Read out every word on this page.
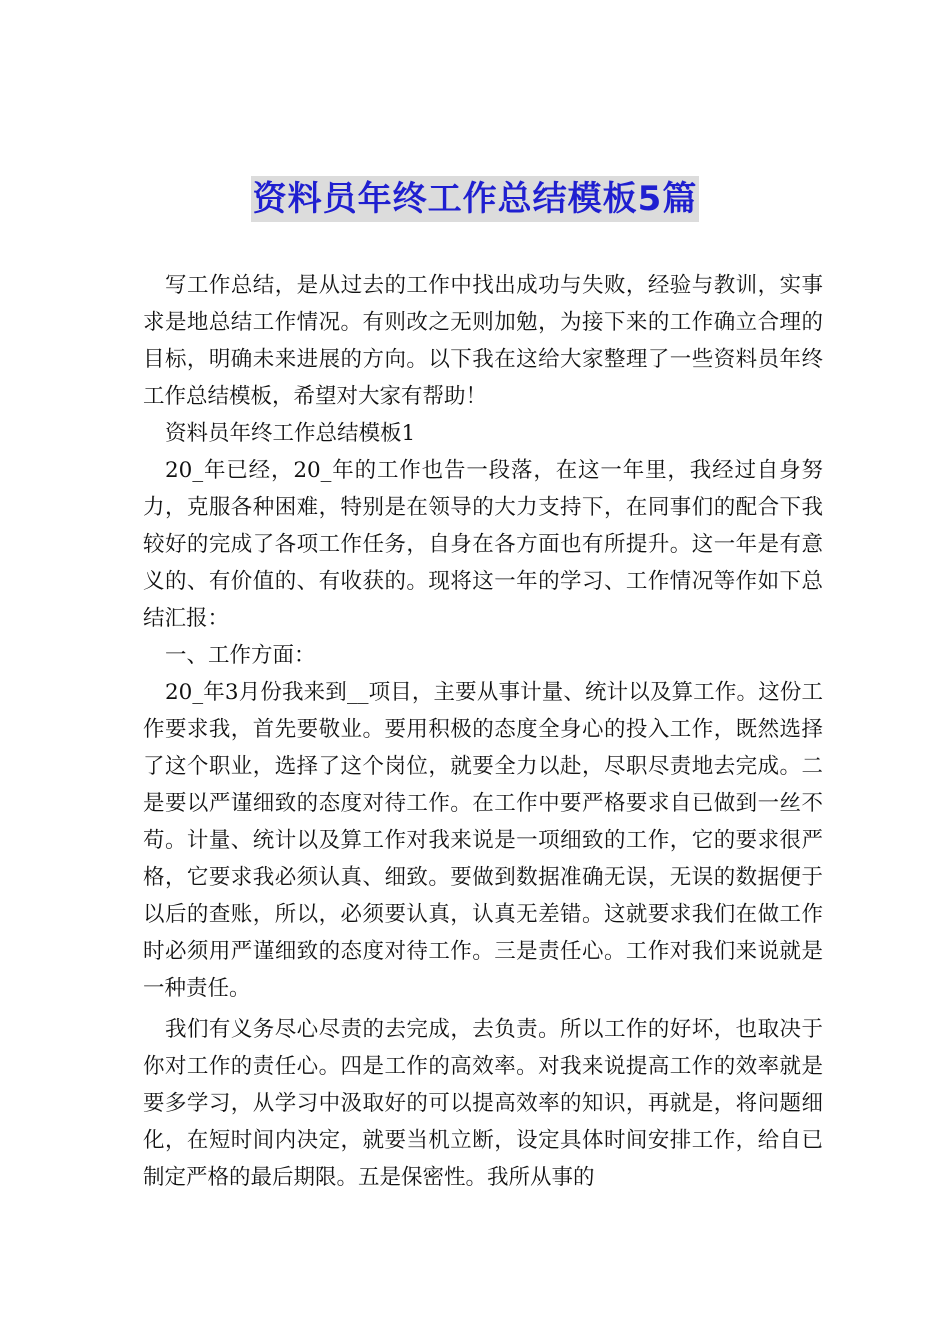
资料员年终工作总结模板5篇

写工作总结，是从过去的工作中找出成功与失败，经验与教训，实事求是地总结工作情况。有则改之无则加勉，为接下来的工作确立合理的目标，明确未来进展的方向。以下我在这给大家整理了一些资料员年终工作总结模板，希望对大家有帮助！

资料员年终工作总结模板1

20_年已经，20_年的工作也告一段落，在这一年里，我经过自身努力，克服各种困难，特别是在领导的大力支持下，在同事们的配合下我较好的完成了各项工作任务，自身在各方面也有所提升。这一年是有意义的、有价值的、有收获的。现将这一年的学习、工作情况等作如下总结汇报：

一、工作方面：

20_年3月份我来到__项目，主要从事计量、统计以及算工作。这份工作要求我，首先要敬业。要用积极的态度全身心的投入工作，既然选择了这个职业，选择了这个岗位，就要全力以赴，尽职尽责地去完成。二是要以严谨细致的态度对待工作。在工作中要严格要求自已做到一丝不苟。计量、统计以及算工作对我来说是一项细致的工作，它的要求很严格，它要求我必须认真、细致。要做到数据准确无误，无误的数据便于以后的查账，所以，必须要认真，认真无差错。这就要求我们在做工作时必须用严谨细致的态度对待工作。三是责任心。工作对我们来说就是一种责任。

我们有义务尽心尽责的去完成，去负责。所以工作的好坏，也取决于你对工作的责任心。四是工作的高效率。对我来说提高工作的效率就是要多学习，从学习中汲取好的可以提高效率的知识，再就是，将问题细化，在短时间内决定，就要当机立断，设定具体时间安排工作，给自已制定严格的最后期限。五是保密性。我所从事的
